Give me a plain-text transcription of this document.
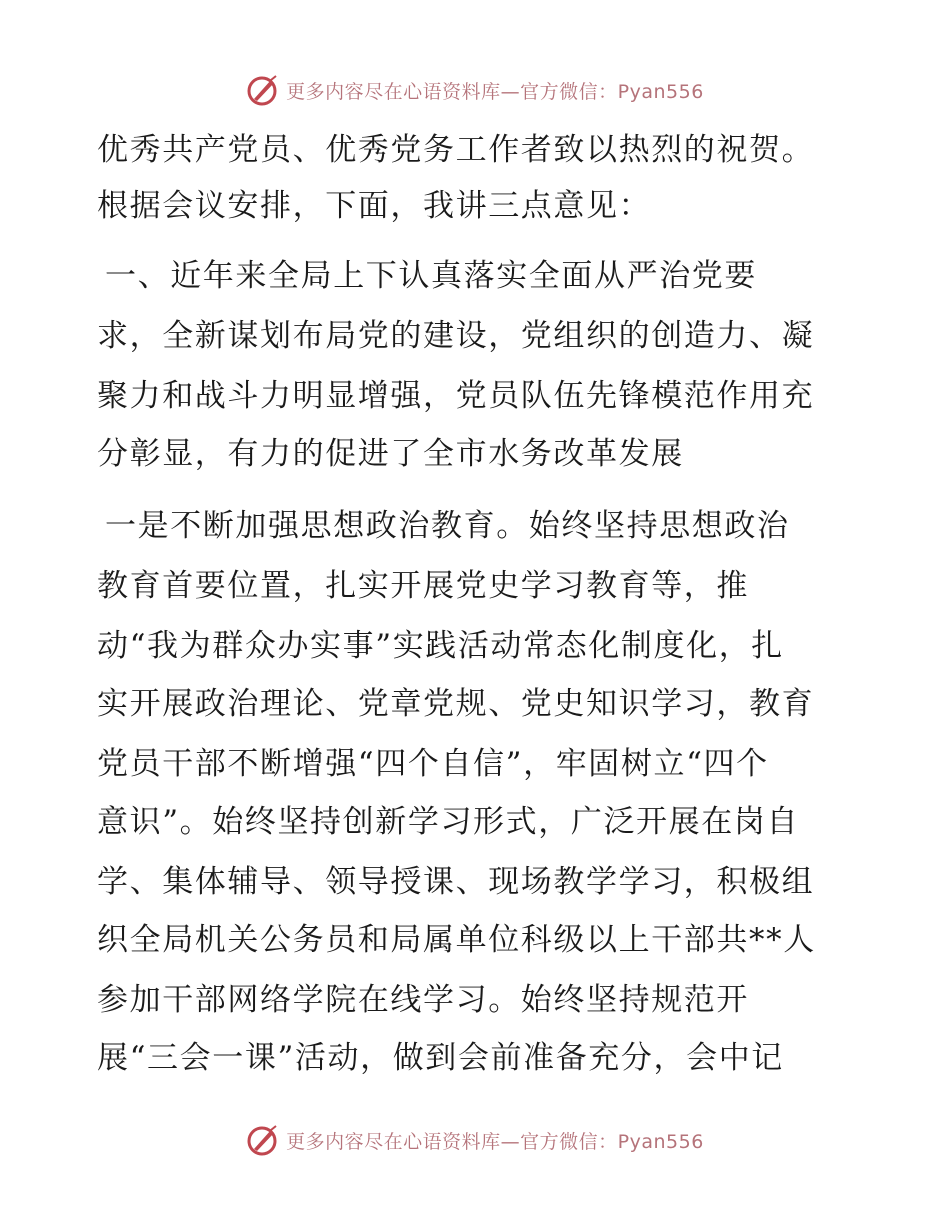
更多内容尽在心语资料库—官方微信：Pyan556
优秀共产党员、优秀党务工作者致以热烈的祝贺。
根据会议安排，下面，我讲三点意见：
一、近年来全局上下认真落实全面从严治党要
求，全新谋划布局党的建设，党组织的创造力、凝
聚力和战斗力明显增强，党员队伍先锋模范作用充
分彰显，有力的促进了全市水务改革发展
一是不断加强思想政治教育。始终坚持思想政治
教育首要位置，扎实开展党史学习教育等，推
动“我为群众办实事”实践活动常态化制度化，扎
实开展政治理论、党章党规、党史知识学习，教育
党员干部不断增强“四个自信”，牢固树立“四个
意识”。始终坚持创新学习形式，广泛开展在岗自
学、集体辅导、领导授课、现场教学学习，积极组
织全局机关公务员和局属单位科级以上干部共**人
参加干部网络学院在线学习。始终坚持规范开
展“三会一课”活动，做到会前准备充分，会中记
更多内容尽在心语资料库—官方微信：Pyan556
